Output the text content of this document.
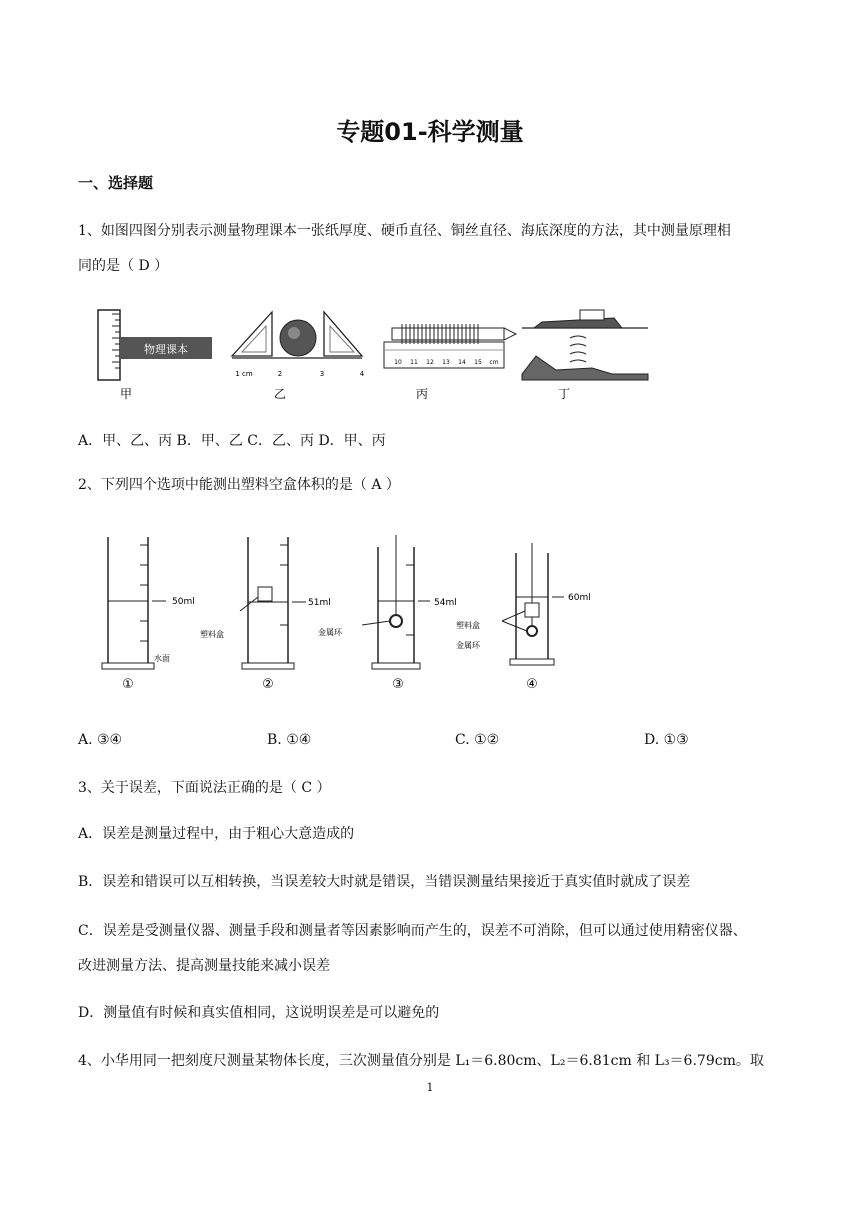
专题01-科学测量
一、选择题
1、如图四图分别表示测量物理课本一张纸厚度、硬币直径、铜丝直径、海底深度的方法，其中测量原理相
同的是（ D ）
物理课本
甲
1 cm	2	3	4
乙
10 11 12 13 14 15 cm
丙	丁
A．甲、乙、丙 B．甲、乙 C．乙、丙 D．甲、丙
2、下列四个选项中能测出塑料空盒体积的是（ A ）
50ml
水面
①
51ml
塑料盒
②
54ml
金属环
③
60ml
塑料盒
金属环
④
A. ③④	B. ①④	C. ①②	D. ①③
3、关于误差，下面说法正确的是（ C ）
A．误差是测量过程中，由于粗心大意造成的
B．误差和错误可以互相转换，当误差较大时就是错误，当错误测量结果接近于真实值时就成了误差
C．误差是受测量仪器、测量手段和测量者等因素影响而产生的，误差不可消除，但可以通过使用精密仪器、
改进测量方法、提高测量技能来减小误差
D．测量值有时候和真实值相同，这说明误差是可以避免的
4、小华用同一把刻度尺测量某物体长度，三次测量值分别是 L₁＝6.80cm、L₂＝6.81cm 和 L₃＝6.79cm。取
1
